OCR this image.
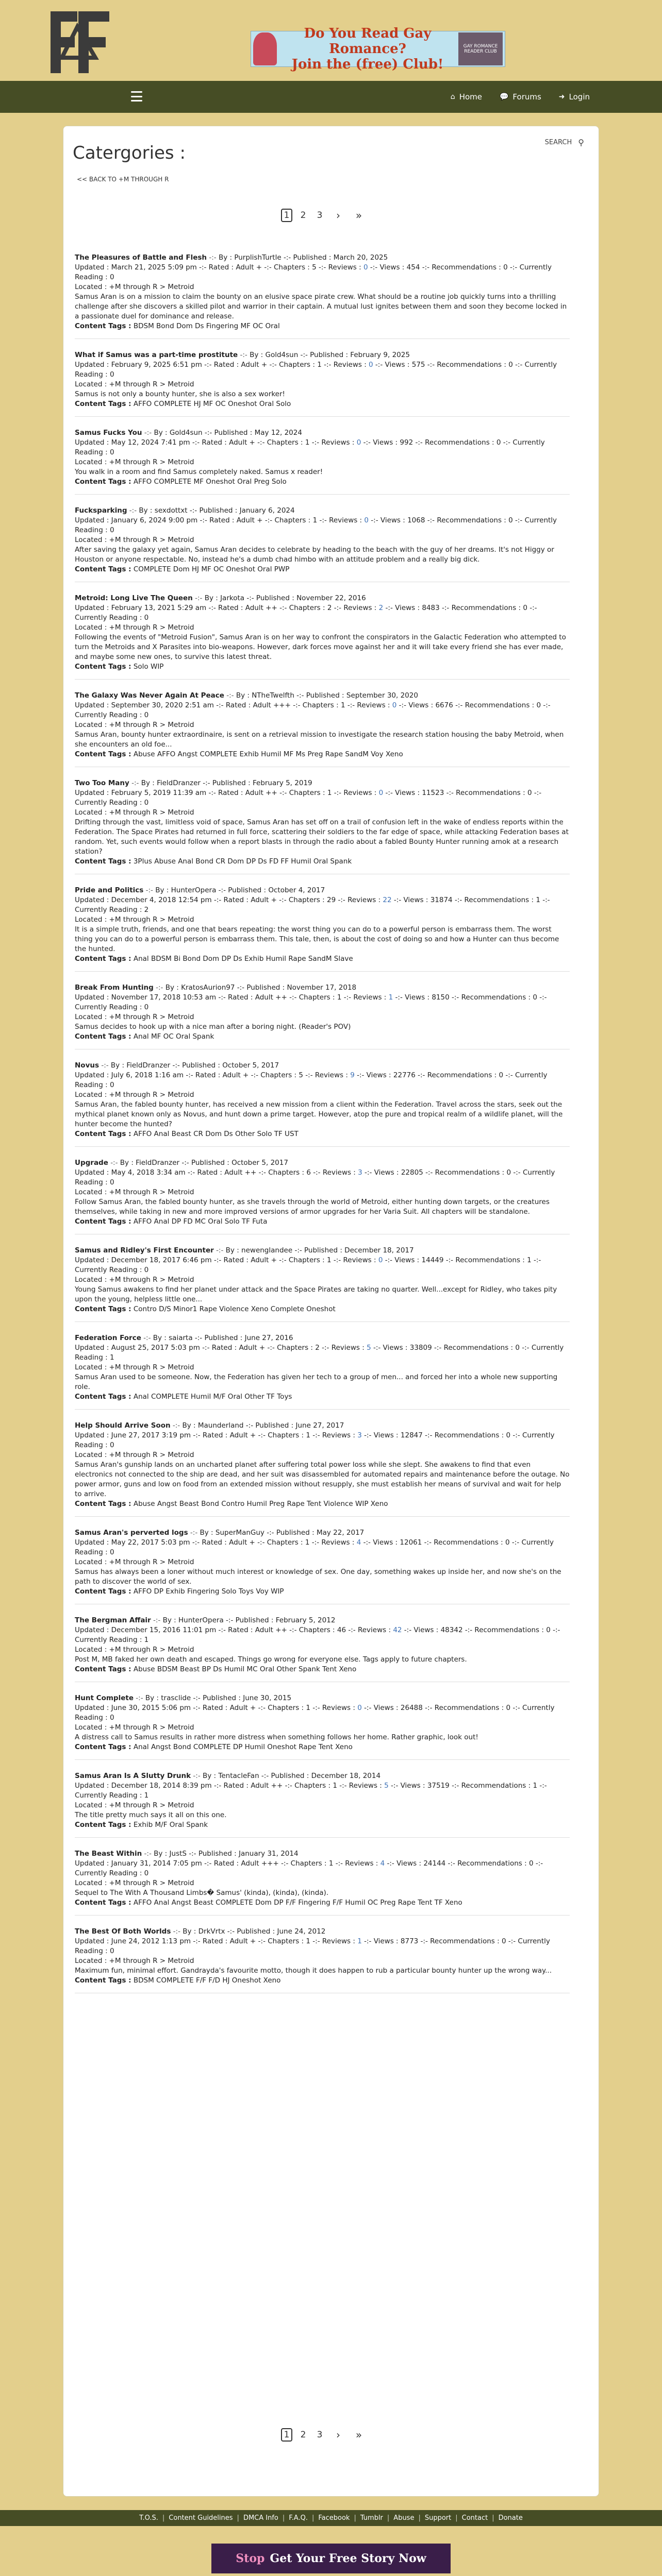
Do You Read Gay Romance?
Join the (free) Club!
GAY ROMANCE READER CLUB
⌂ Home 💬 Forums ➜ Login
SEARCH ⚲
Catergories :
<< BACK TO +M THROUGH R
1	2	3	›	»
The Pleasures of Battle and Flesh -:- By : PurplishTurtle -:- Published : March 20, 2025
Updated : March 21, 2025 5:09 pm -:- Rated : Adult + -:- Chapters : 5 -:- Reviews : 0 -:- Views : 454 -:- Recommendations : 0 -:- Currently Reading : 0
Located : +M through R > Metroid
Samus Aran is on a mission to claim the bounty on an elusive space pirate crew. What should be a routine job quickly turns into a thrilling challenge after she discovers a skilled pilot and warrior in their captain. A mutual lust ignites between them and soon they become locked in a passionate duel for dominance and release.
Content Tags : BDSM Bond Dom Ds Fingering MF OC Oral
What if Samus was a part-time prostitute -:- By : Gold4sun -:- Published : February 9, 2025
Updated : February 9, 2025 6:51 pm -:- Rated : Adult + -:- Chapters : 1 -:- Reviews : 0 -:- Views : 575 -:- Recommendations : 0 -:- Currently Reading : 0
Located : +M through R > Metroid
Samus is not only a bounty hunter, she is also a sex worker!
Content Tags : AFFO COMPLETE HJ MF OC Oneshot Oral Solo
Samus Fucks You -:- By : Gold4sun -:- Published : May 12, 2024
Updated : May 12, 2024 7:41 pm -:- Rated : Adult + -:- Chapters : 1 -:- Reviews : 0 -:- Views : 992 -:- Recommendations : 0 -:- Currently Reading : 0
Located : +M through R > Metroid
You walk in a room and find Samus completely naked. Samus x reader!
Content Tags : AFFO COMPLETE MF Oneshot Oral Preg Solo
Fucksparking -:- By : sexdottxt -:- Published : January 6, 2024
Updated : January 6, 2024 9:00 pm -:- Rated : Adult + -:- Chapters : 1 -:- Reviews : 0 -:- Views : 1068 -:- Recommendations : 0 -:- Currently Reading : 0
Located : +M through R > Metroid
After saving the galaxy yet again, Samus Aran decides to celebrate by heading to the beach with the guy of her dreams. It's not Higgy or Houston or anyone respectable. No, instead he's a dumb chad himbo with an attitude problem and a really big dick.
Content Tags : COMPLETE Dom HJ MF OC Oneshot Oral PWP
Metroid: Long Live The Queen -:- By : Jarkota -:- Published : November 22, 2016
Updated : February 13, 2021 5:29 am -:- Rated : Adult ++ -:- Chapters : 2 -:- Reviews : 2 -:- Views : 8483 -:- Recommendations : 0 -:- Currently Reading : 0
Located : +M through R > Metroid
Following the events of "Metroid Fusion", Samus Aran is on her way to confront the conspirators in the Galactic Federation who attempted to turn the Metroids and X Parasites into bio-weapons. However, dark forces move against her and it will take every friend she has ever made, and maybe some new ones, to survive this latest threat.
Content Tags : Solo WIP
The Galaxy Was Never Again At Peace -:- By : NTheTwelfth -:- Published : September 30, 2020
Updated : September 30, 2020 2:51 am -:- Rated : Adult +++ -:- Chapters : 1 -:- Reviews : 0 -:- Views : 6676 -:- Recommendations : 0 -:- Currently Reading : 0
Located : +M through R > Metroid
Samus Aran, bounty hunter extraordinaire, is sent on a retrieval mission to investigate the research station housing the baby Metroid, when she encounters an old foe...
Content Tags : Abuse AFFO Angst COMPLETE Exhib Humil MF Ms Preg Rape SandM Voy Xeno
Two Too Many -:- By : FieldDranzer -:- Published : February 5, 2019
Updated : February 5, 2019 11:39 am -:- Rated : Adult ++ -:- Chapters : 1 -:- Reviews : 0 -:- Views : 11523 -:- Recommendations : 0 -:- Currently Reading : 0
Located : +M through R > Metroid
Drifting through the vast, limitless void of space, Samus Aran has set off on a trail of confusion left in the wake of endless reports within the Federation. The Space Pirates had returned in full force, scattering their soldiers to the far edge of space, while attacking Federation bases at random. Yet, such events would follow when a report blasts in through the radio about a fabled Bounty Hunter running amok at a research station?
Content Tags : 3Plus Abuse Anal Bond CR Dom DP Ds FD FF Humil Oral Spank
Pride and Politics -:- By : HunterOpera -:- Published : October 4, 2017
Updated : December 4, 2018 12:54 pm -:- Rated : Adult + -:- Chapters : 29 -:- Reviews : 22 -:- Views : 31874 -:- Recommendations : 1 -:- Currently Reading : 2
Located : +M through R > Metroid
It is a simple truth, friends, and one that bears repeating: the worst thing you can do to a powerful person is embarrass them. The worst thing you can do to a powerful person is embarrass them. This tale, then, is about the cost of doing so and how a Hunter can thus become the hunted.
Content Tags : Anal BDSM Bi Bond Dom DP Ds Exhib Humil Rape SandM Slave
Break From Hunting -:- By : KratosAurion97 -:- Published : November 17, 2018
Updated : November 17, 2018 10:53 am -:- Rated : Adult ++ -:- Chapters : 1 -:- Reviews : 1 -:- Views : 8150 -:- Recommendations : 0 -:- Currently Reading : 0
Located : +M through R > Metroid
Samus decides to hook up with a nice man after a boring night. (Reader's POV)
Content Tags : Anal MF OC Oral Spank
Novus -:- By : FieldDranzer -:- Published : October 5, 2017
Updated : July 6, 2018 1:16 am -:- Rated : Adult + -:- Chapters : 5 -:- Reviews : 9 -:- Views : 22776 -:- Recommendations : 0 -:- Currently Reading : 0
Located : +M through R > Metroid
Samus Aran, the fabled bounty hunter, has received a new mission from a client within the Federation. Travel across the stars, seek out the mythical planet known only as Novus, and hunt down a prime target. However, atop the pure and tropical realm of a wildlife planet, will the hunter become the hunted?
Content Tags : AFFO Anal Beast CR Dom Ds Other Solo TF UST
Upgrade -:- By : FieldDranzer -:- Published : October 5, 2017
Updated : May 4, 2018 3:34 am -:- Rated : Adult ++ -:- Chapters : 6 -:- Reviews : 3 -:- Views : 22805 -:- Recommendations : 0 -:- Currently Reading : 0
Located : +M through R > Metroid
Follow Samus Aran, the fabled bounty hunter, as she travels through the world of Metroid, either hunting down targets, or the creatures themselves, while taking in new and more improved versions of armor upgrades for her Varia Suit. All chapters will be standalone.
Content Tags : AFFO Anal DP FD MC Oral Solo TF Futa
Samus and Ridley's First Encounter -:- By : newenglandee -:- Published : December 18, 2017
Updated : December 18, 2017 6:46 pm -:- Rated : Adult + -:- Chapters : 1 -:- Reviews : 0 -:- Views : 14449 -:- Recommendations : 1 -:- Currently Reading : 0
Located : +M through R > Metroid
Young Samus awakens to find her planet under attack and the Space Pirates are taking no quarter. Well...except for Ridley, who takes pity upon the young, helpless little one...
Content Tags : Contro D/S Minor1 Rape Violence Xeno Complete Oneshot
Federation Force -:- By : saiarta -:- Published : June 27, 2016
Updated : August 25, 2017 5:03 pm -:- Rated : Adult + -:- Chapters : 2 -:- Reviews : 5 -:- Views : 33809 -:- Recommendations : 0 -:- Currently Reading : 1
Located : +M through R > Metroid
Samus Aran used to be someone. Now, the Federation has given her tech to a group of men... and forced her into a whole new supporting role.
Content Tags : Anal COMPLETE Humil M/F Oral Other TF Toys
Help Should Arrive Soon -:- By : Maunderland -:- Published : June 27, 2017
Updated : June 27, 2017 3:19 pm -:- Rated : Adult + -:- Chapters : 1 -:- Reviews : 3 -:- Views : 12847 -:- Recommendations : 0 -:- Currently Reading : 0
Located : +M through R > Metroid
Samus Aran's gunship lands on an uncharted planet after suffering total power loss while she slept. She awakens to find that even electronics not connected to the ship are dead, and her suit was disassembled for automated repairs and maintenance before the outage. No power armor, guns and low on food from an extended mission without resupply, she must establish her means of survival and wait for help to arrive.
Content Tags : Abuse Angst Beast Bond Contro Humil Preg Rape Tent Violence WIP Xeno
Samus Aran's perverted logs -:- By : SuperManGuy -:- Published : May 22, 2017
Updated : May 22, 2017 5:03 pm -:- Rated : Adult + -:- Chapters : 1 -:- Reviews : 4 -:- Views : 12061 -:- Recommendations : 0 -:- Currently Reading : 0
Located : +M through R > Metroid
Samus has always been a loner without much interest or knowledge of sex. One day, something wakes up inside her, and now she's on the path to discover the world of sex.
Content Tags : AFFO DP Exhib Fingering Solo Toys Voy WIP
The Bergman Affair -:- By : HunterOpera -:- Published : February 5, 2012
Updated : December 15, 2016 11:01 pm -:- Rated : Adult ++ -:- Chapters : 46 -:- Reviews : 42 -:- Views : 48342 -:- Recommendations : 0 -:- Currently Reading : 1
Located : +M through R > Metroid
Post M, MB faked her own death and escaped. Things go wrong for everyone else. Tags apply to future chapters.
Content Tags : Abuse BDSM Beast BP Ds Humil MC Oral Other Spank Tent Xeno
Hunt Complete -:- By : trasclide -:- Published : June 30, 2015
Updated : June 30, 2015 5:06 pm -:- Rated : Adult + -:- Chapters : 1 -:- Reviews : 0 -:- Views : 26488 -:- Recommendations : 0 -:- Currently Reading : 0
Located : +M through R > Metroid
A distress call to Samus results in rather more distress when something follows her home. Rather graphic, look out!
Content Tags : Anal Angst Bond COMPLETE DP Humil Oneshot Rape Tent Xeno
Samus Aran Is A Slutty Drunk -:- By : TentacleFan -:- Published : December 18, 2014
Updated : December 18, 2014 8:39 pm -:- Rated : Adult ++ -:- Chapters : 1 -:- Reviews : 5 -:- Views : 37519 -:- Recommendations : 1 -:- Currently Reading : 1
Located : +M through R > Metroid
The title pretty much says it all on this one.
Content Tags : Exhib M/F Oral Spank
The Beast Within -:- By : JustS -:- Published : January 31, 2014
Updated : January 31, 2014 7:05 pm -:- Rated : Adult +++ -:- Chapters : 1 -:- Reviews : 4 -:- Views : 24144 -:- Recommendations : 0 -:- Currently Reading : 0
Located : +M through R > Metroid
Sequel to The With A Thousand Limbs� Samus' (kinda), (kinda), (kinda).
Content Tags : AFFO Anal Angst Beast COMPLETE Dom DP F/F Fingering F/F Humil OC Preg Rape Tent TF Xeno
The Best Of Both Worlds -:- By : DrkVrtx -:- Published : June 24, 2012
Updated : June 24, 2012 1:13 pm -:- Rated : Adult + -:- Chapters : 1 -:- Reviews : 1 -:- Views : 8773 -:- Recommendations : 0 -:- Currently Reading : 0
Located : +M through R > Metroid
Maximum fun, minimal effort. Gandrayda's favourite motto, though it does happen to rub a particular bounty hunter up the wrong way...
Content Tags : BDSM COMPLETE F/F F/D HJ Oneshot Xeno
1	2	3	›	»
T.O.S. | Content Guidelines | DMCA Info | F.A.Q. | Facebook | Tumblr | Abuse | Support | Contact | Donate
Stop Get Your Free Story Now
